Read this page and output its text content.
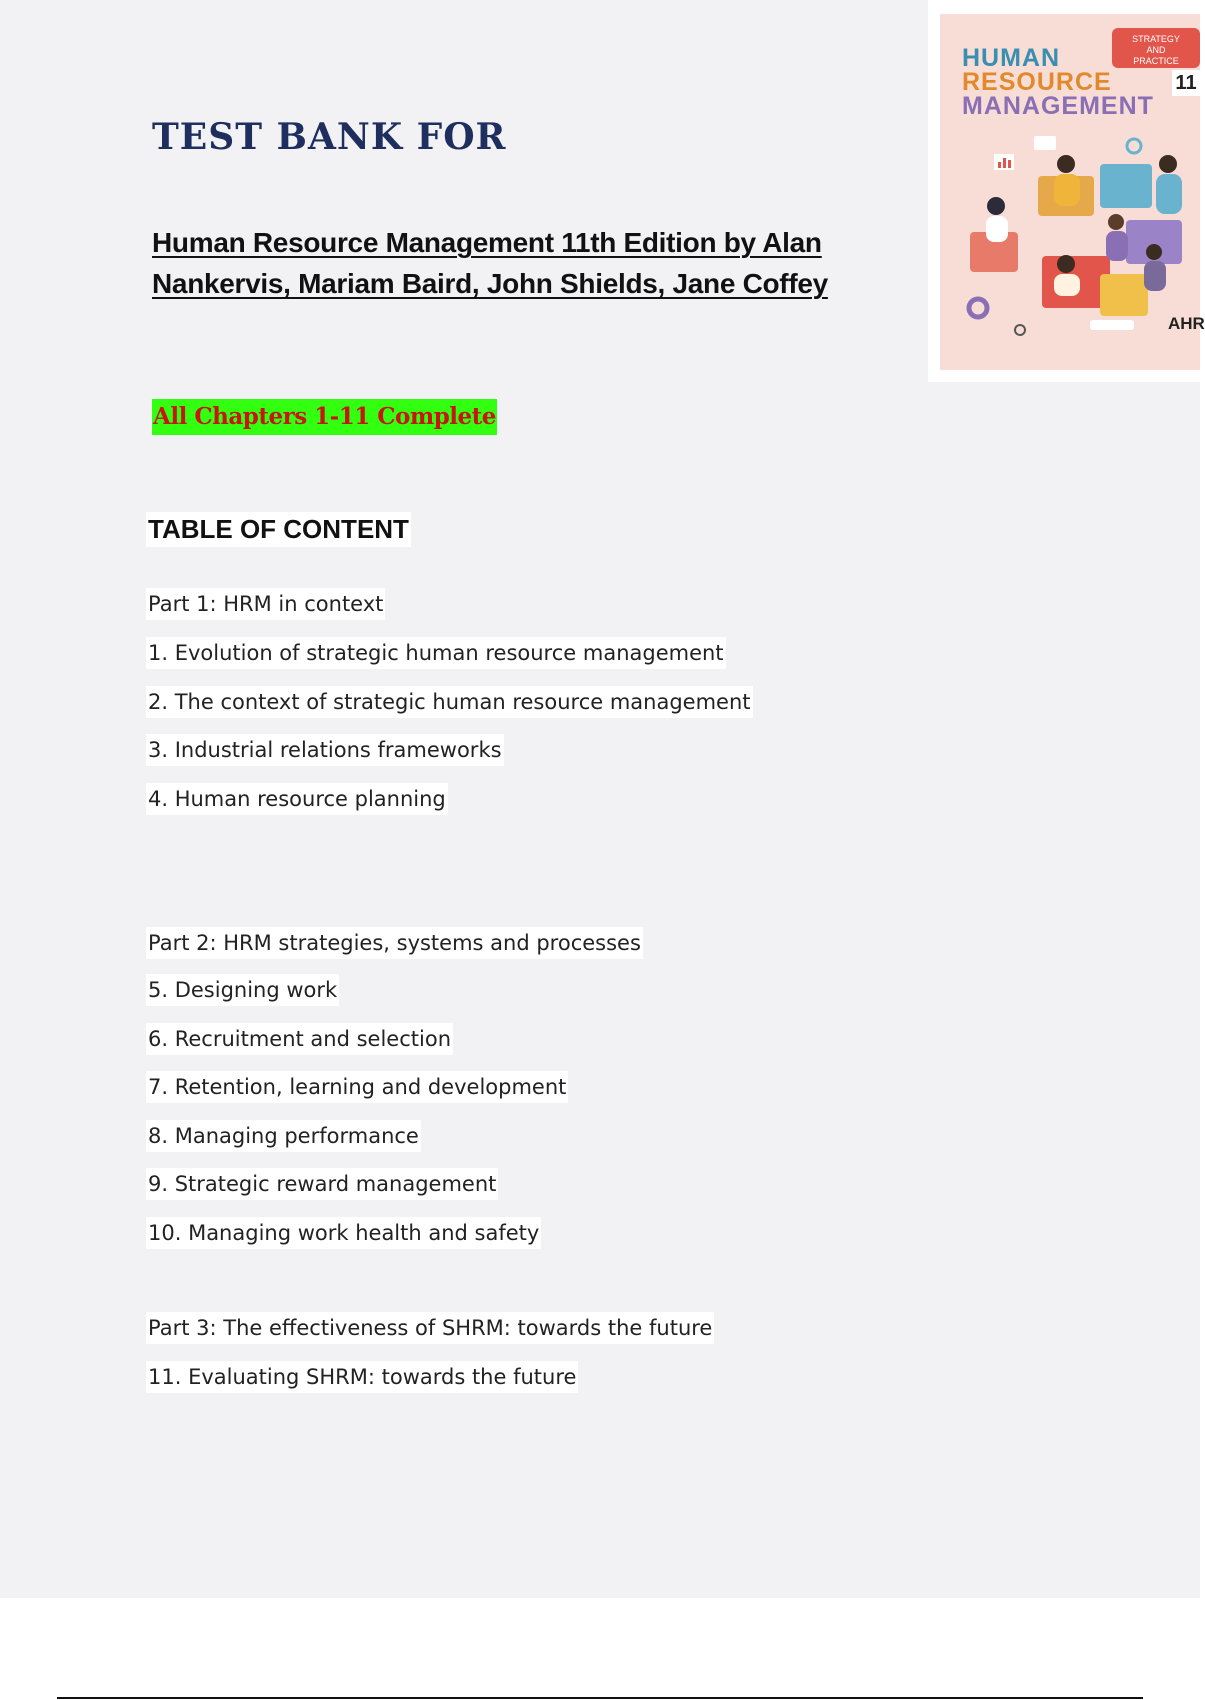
TEST BANK FOR
Human Resource Management 11th Edition by Alan
Nankervis, Mariam Baird, John Shields, Jane Coffey
All Chapters 1-11 Complete
TABLE OF CONTENT
Part 1: HRM in context
1. Evolution of strategic human resource management
2. The context of strategic human resource management
3. Industrial relations frameworks
4. Human resource planning
Part 2: HRM strategies, systems and processes
5. Designing work
6. Recruitment and selection
7. Retention, learning and development
8. Managing performance
9. Strategic reward management
10. Managing work health and safety
Part 3: The effectiveness of SHRM: towards the future
11. Evaluating SHRM: towards the future
HUMAN
RESOURCE
MANAGEMENT
STRATEGY
AND
PRACTICE
11
AHR
